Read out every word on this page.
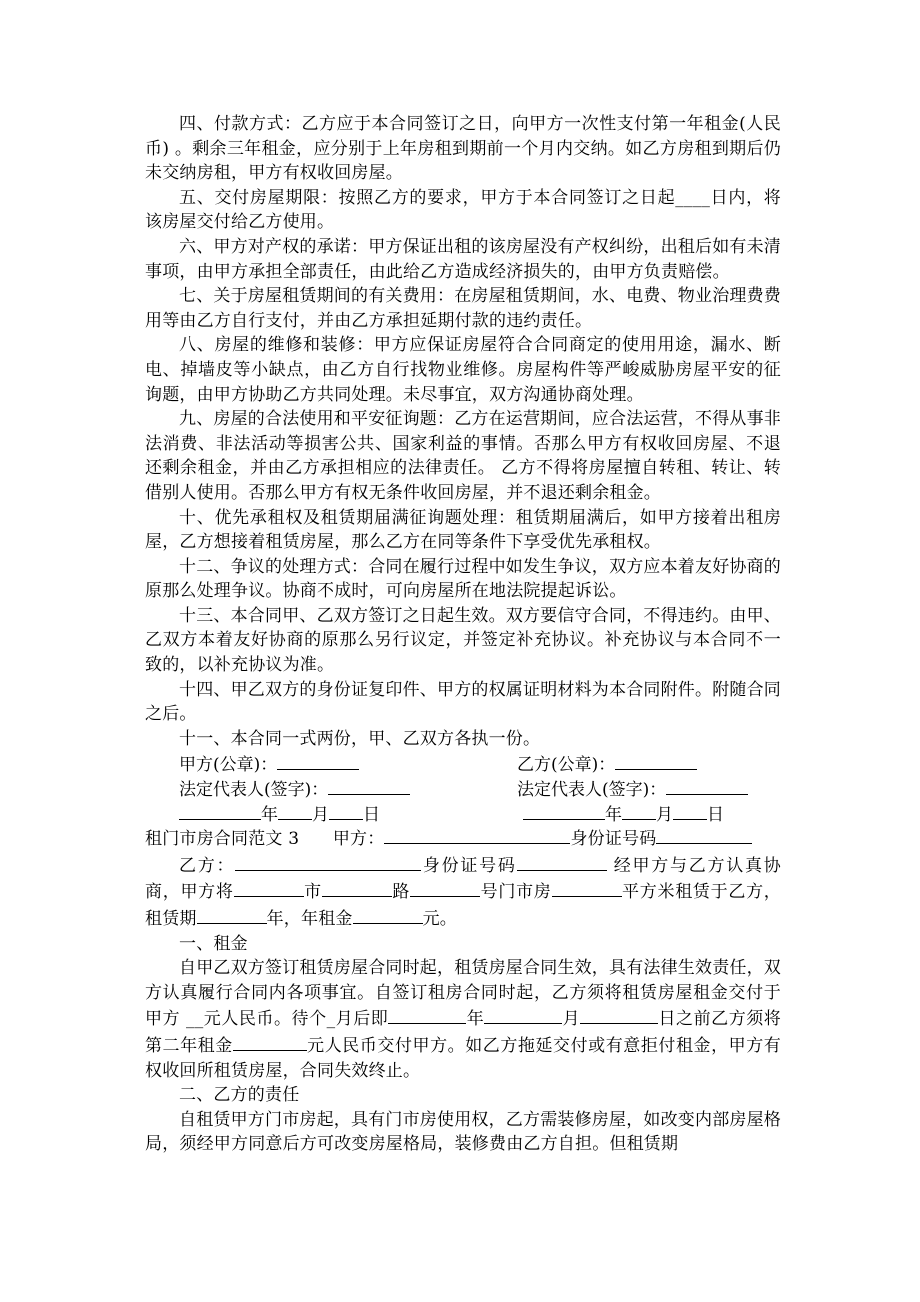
四、付款方式：乙方应于本合同签订之日，向甲方一次性支付第一年租金(人民币) 。剩余三年租金，应分别于上年房租到期前一个月内交纳。如乙方房租到期后仍未交纳房租，甲方有权收回房屋。

五、交付房屋期限：按照乙方的要求，甲方于本合同签订之日起____日内，将该房屋交付给乙方使用。

六、甲方对产权的承诺：甲方保证出租的该房屋没有产权纠纷，出租后如有未清事项，由甲方承担全部责任，由此给乙方造成经济损失的，由甲方负责赔偿。

七、关于房屋租赁期间的有关费用：在房屋租赁期间，水、电费、物业治理费费用等由乙方自行支付，并由乙方承担延期付款的违约责任。

八、房屋的维修和装修：甲方应保证房屋符合合同商定的使用用途，漏水、断电、掉墙皮等小缺点，由乙方自行找物业维修。房屋构件等严峻威胁房屋平安的征询题，由甲方协助乙方共同处理。未尽事宜，双方沟通协商处理。

九、房屋的合法使用和平安征询题：乙方在运营期间，应合法运营，不得从事非法消费、非法活动等损害公共、国家利益的事情。否那么甲方有权收回房屋、不退还剩余租金，并由乙方承担相应的法律责任。 乙方不得将房屋擅自转租、转让、转借别人使用。否那么甲方有权无条件收回房屋，并不退还剩余租金。

十、优先承租权及租赁期届满征询题处理：租赁期届满后，如甲方接着出租房屋，乙方想接着租赁房屋，那么乙方在同等条件下享受优先承租权。

十二、争议的处理方式：合同在履行过程中如发生争议，双方应本着友好协商的原那么处理争议。协商不成时，可向房屋所在地法院提起诉讼。

十三、本合同甲、乙双方签订之日起生效。双方要信守合同，不得违约。由甲、乙双方本着友好协商的原那么另行议定，并签定补充协议。补充协议与本合同不一致的，以补充协议为准。

十四、甲乙双方的身份证复印件、甲方的权属证明材料为本合同附件。附随合同之后。

十一、本合同一式两份，甲、乙双方各执一份。

甲方(公章)：	乙方(公章)：
法定代表人(签字)：	法定代表人(签字)：
年 月 日	年 月 日

租门市房合同范文 3 甲方：	身份证号码

乙方：	身份证号码	经甲方与乙方认真协商，甲方将	市	路	号门市房	平方米租赁于乙方，租赁期	年，年租金	元。

一、租金

自甲乙双方签订租赁房屋合同时起，租赁房屋合同生效，具有法律生效责任，双方认真履行合同内各项事宜。自签订租房合同时起，乙方须将租赁房屋租金交付于甲方 __元人民币。待个_月后即	年	月	日之前乙方须将第二年租金	元人民币交付甲方。如乙方拖延交付或有意拒付租金，甲方有权收回所租赁房屋，合同失效终止。

二、乙方的责任

自租赁甲方门市房起，具有门市房使用权，乙方需装修房屋，如改变内部房屋格局，须经甲方同意后方可改变房屋格局，装修费由乙方自担。但租赁期
